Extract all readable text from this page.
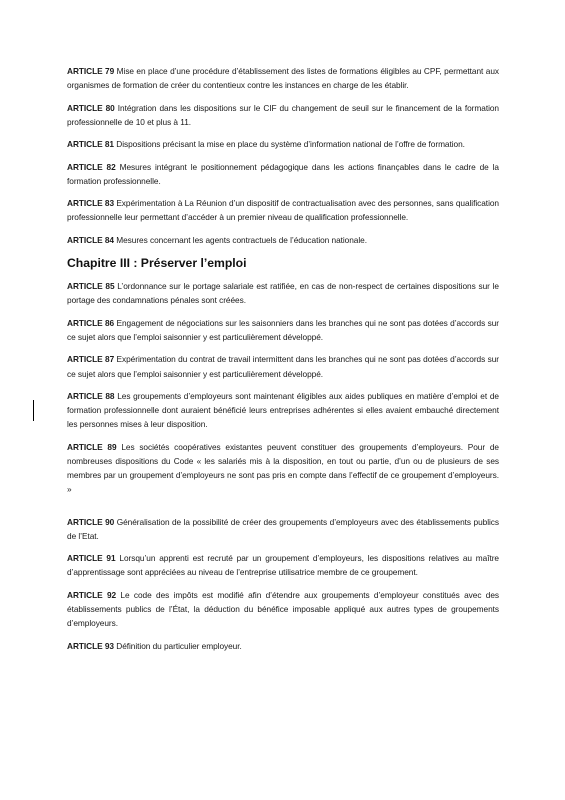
ARTICLE 79 Mise en place d’une procédure d’établissement des listes de formations éligibles au CPF, permettant aux organismes de formation de créer du contentieux contre les instances en charge de les établir.

ARTICLE 80 Intégration dans les dispositions sur le CIF du changement de seuil sur le financement de la formation professionnelle de 10 et plus à 11.

ARTICLE 81 Dispositions précisant la mise en place du système d’information national de l’offre de formation.

ARTICLE 82 Mesures intégrant le positionnement pédagogique dans les actions finançables dans le cadre de la formation professionnelle.

ARTICLE 83 Expérimentation à La Réunion d’un dispositif de contractualisation avec des personnes, sans qualification professionnelle leur permettant d’accéder à un premier niveau de qualification professionnelle.

ARTICLE 84 Mesures concernant les agents contractuels de l’éducation nationale.

Chapitre III : Préserver l’emploi

ARTICLE 85 L’ordonnance sur le portage salariale est ratifiée, en cas de non-respect de certaines dispositions sur le portage des condamnations pénales sont créées.

ARTICLE 86 Engagement de négociations sur les saisonniers dans les branches qui ne sont pas dotées d’accords sur ce sujet alors que l’emploi saisonnier y est particulièrement développé.

ARTICLE 87 Expérimentation du contrat de travail intermittent dans les branches qui ne sont pas dotées d’accords sur ce sujet alors que l’emploi saisonnier y est particulièrement développé.

ARTICLE 88 Les groupements d’employeurs sont maintenant éligibles aux aides publiques en matière d’emploi et de formation professionnelle dont auraient bénéficié leurs entreprises adhérentes si elles avaient embauché directement les personnes mises à leur disposition.

ARTICLE 89 Les sociétés coopératives existantes peuvent constituer des groupements d’employeurs. Pour de nombreuses dispositions du Code « les salariés mis à la disposition, en tout ou partie, d’un ou de plusieurs de ses membres par un groupement d’employeurs ne sont pas pris en compte dans l’effectif de ce groupement d’employeurs. »

ARTICLE 90 Généralisation de la possibilité de créer des groupements d’employeurs avec des établissements publics de l’Etat.

ARTICLE 91 Lorsqu’un apprenti est recruté par un groupement d’employeurs, les dispositions relatives au maître d’apprentissage sont appréciées au niveau de l’entreprise utilisatrice membre de ce groupement.

ARTICLE 92 Le code des impôts est modifié afin d’étendre aux groupements d’employeur constitués avec des établissements publics de l’État, la déduction du bénéfice imposable appliqué aux autres types de groupements d’employeurs.

ARTICLE 93 Définition du particulier employeur.
